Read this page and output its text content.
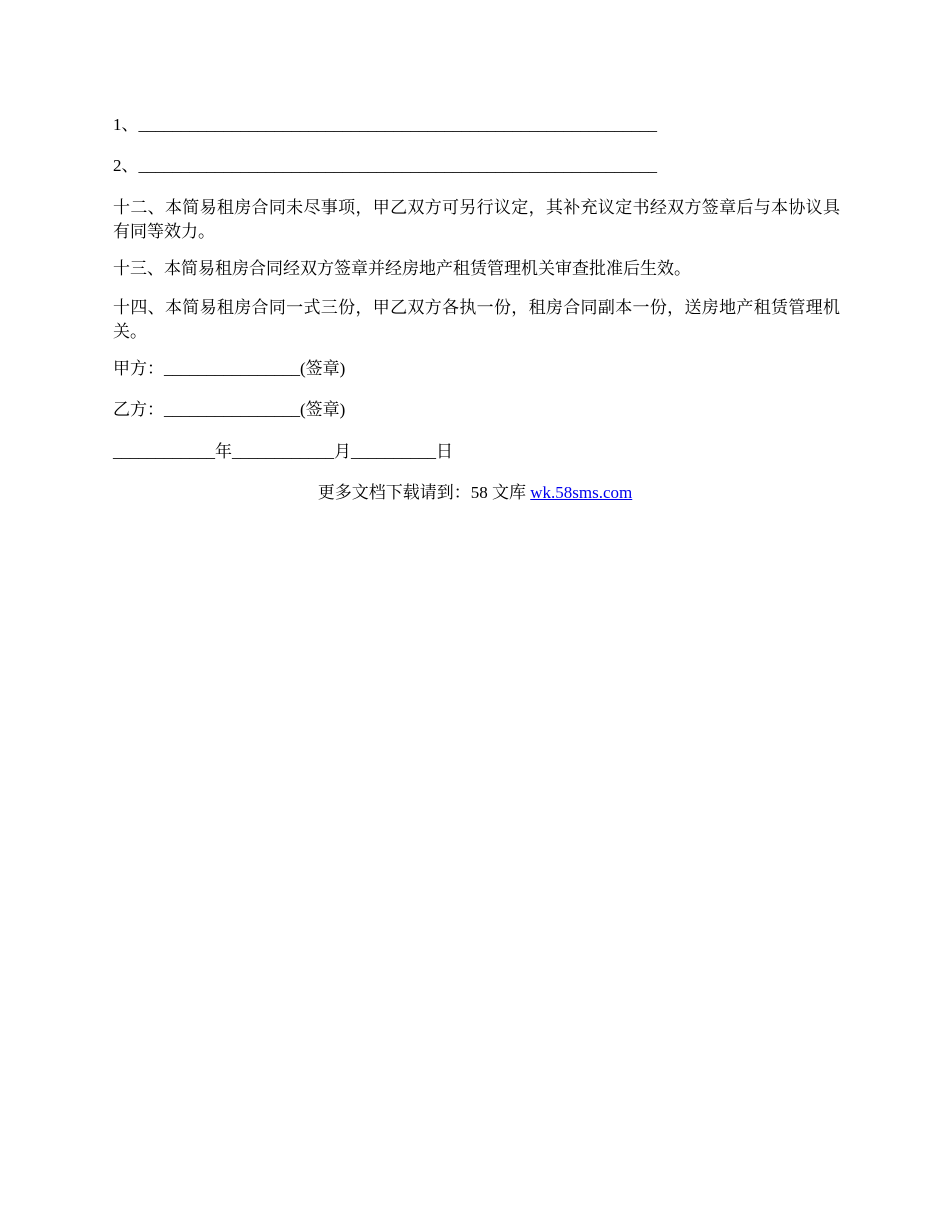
1、_____________________________________________________________
2、_____________________________________________________________
十二、本简易租房合同未尽事项，甲乙双方可另行议定，其补充议定书经双方签章后与本协议具有同等效力。
十三、本简易租房合同经双方签章并经房地产租赁管理机关审查批准后生效。
十四、本简易租房合同一式三份，甲乙双方各执一份，租房合同副本一份，送房地产租赁管理机关。
甲方：________________(签章)
乙方：________________(签章)
____________年____________月__________日
更多文档下载请到：58 文库 wk.58sms.com
